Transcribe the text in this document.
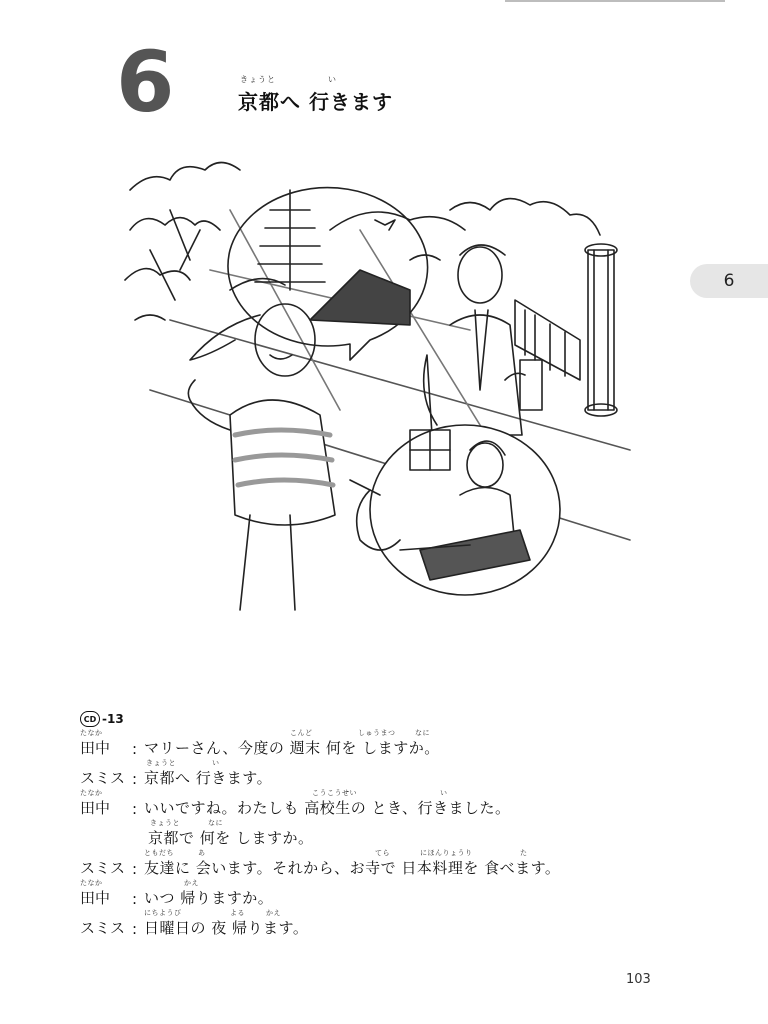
6	きょうと	い
京都へ 行きます
6
CD -13
たなか	こんど	しゅうまつ	なに
田中 : マリーさん、今度の 週末 何を しますか。
きょうと	い
スミス : 京都へ 行きます。
たなか	こうこうせい	い
田中 : いいですね。わたしも 高校生の とき、行きました。
きょうと	なに
京都で 何を しますか。
ともだち	あ	てら	にほんりょうり	た
スミス : 友達に 会います。それから、お寺で 日本料理を 食べます。
たなか	かえ
田中 : いつ 帰りますか。
にちようび	よる	かえ
スミス : 日曜日の 夜 帰ります。
103
